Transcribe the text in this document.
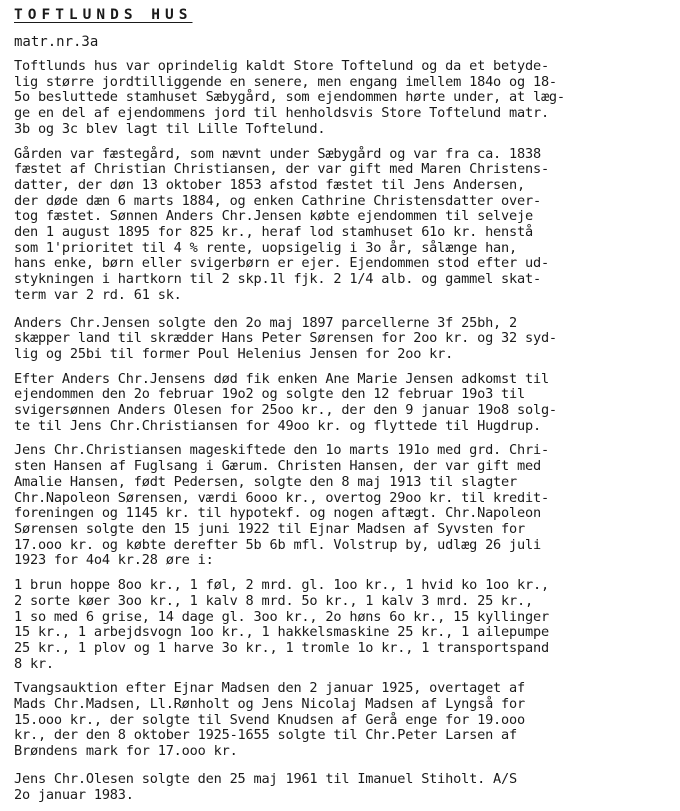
TOFTLUNDS HUS
matr.nr.3a
Toftlunds hus var oprindelig kaldt Store Toftelund og da et betyde-
lig større jordtilliggende en senere, men engang imellem 184o og 18-
5o besluttede stamhuset Sæbygård, som ejendommen hørte under, at læg-
ge en del af ejendommens jord til henholdsvis Store Toftelund matr.
3b og 3c blev lagt til Lille Toftelund.
Gården var fæstegård, som nævnt under Sæbygård og var fra ca. 1838
fæstet af Christian Christiansen, der var gift med Maren Christens-
datter, der døn 13 oktober 1853 afstod fæstet til Jens Andersen,
der døde dæn 6 marts 1884, og enken Cathrine Christensdatter over-
tog fæstet. Sønnen Anders Chr.Jensen købte ejendommen til selveje
den 1 august 1895 for 825 kr., heraf lod stamhuset 61o kr. henstå
som 1'prioritet til 4 % rente, uopsigelig i 3o år, sålænge han,
hans enke, børn eller svigerbørn er ejer. Ejendommen stod efter ud-
stykningen i hartkorn til 2 skp.1l fjk. 2 1/4 alb. og gammel skat-
term var 2 rd. 61 sk.
Anders Chr.Jensen solgte den 2o maj 1897 parcellerne 3f 25bh, 2
skæpper land til skrædder Hans Peter Sørensen for 2oo kr. og 32 syd-
lig og 25bi til former Poul Helenius Jensen for 2oo kr.
Efter Anders Chr.Jensens død fik enken Ane Marie Jensen adkomst til
ejendommen den 2o februar 19o2 og solgte den 12 februar 19o3 til
svigersønnen Anders Olesen for 25oo kr., der den 9 januar 19o8 solg-
te til Jens Chr.Christiansen for 49oo kr. og flyttede til Hugdrup.
Jens Chr.Christiansen mageskiftede den 1o marts 191o med grd. Chri-
sten Hansen af Fuglsang i Gærum. Christen Hansen, der var gift med
Amalie Hansen, født Pedersen, solgte den 8 maj 1913 til slagter
Chr.Napoleon Sørensen, værdi 6ooo kr., overtog 29oo kr. til kredit-
foreningen og 1145 kr. til hypotekf. og nogen aftægt. Chr.Napoleon
Sørensen solgte den 15 juni 1922 til Ejnar Madsen af Syvsten for
17.ooo kr. og købte derefter 5b 6b mfl. Volstrup by, udlæg 26 juli
1923 for 4o4 kr.28 øre i:
1 brun hoppe 8oo kr., 1 føl, 2 mrd. gl. 1oo kr., 1 hvid ko 1oo kr.,
2 sorte køer 3oo kr., 1 kalv 8 mrd. 5o kr., 1 kalv 3 mrd. 25 kr.,
1 so med 6 grise, 14 dage gl. 3oo kr., 2o høns 6o kr., 15 kyllinger
15 kr., 1 arbejdsvogn 1oo kr., 1 hakkelsmaskine 25 kr., 1 ailepumpe
25 kr., 1 plov og 1 harve 3o kr., 1 tromle 1o kr., 1 transportspand
8 kr.
Tvangsauktion efter Ejnar Madsen den 2 januar 1925, overtaget af
Mads Chr.Madsen, Ll.Rønholt og Jens Nicolaj Madsen af Lyngså for
15.ooo kr., der solgte til Svend Knudsen af Gerå enge for 19.ooo
kr., der den 8 oktober 1925-1655 solgte til Chr.Peter Larsen af
Brøndens mark for 17.ooo kr.
Jens Chr.Olesen solgte den 25 maj 1961 til Imanuel Stiholt. A/S
2o januar 1983.
